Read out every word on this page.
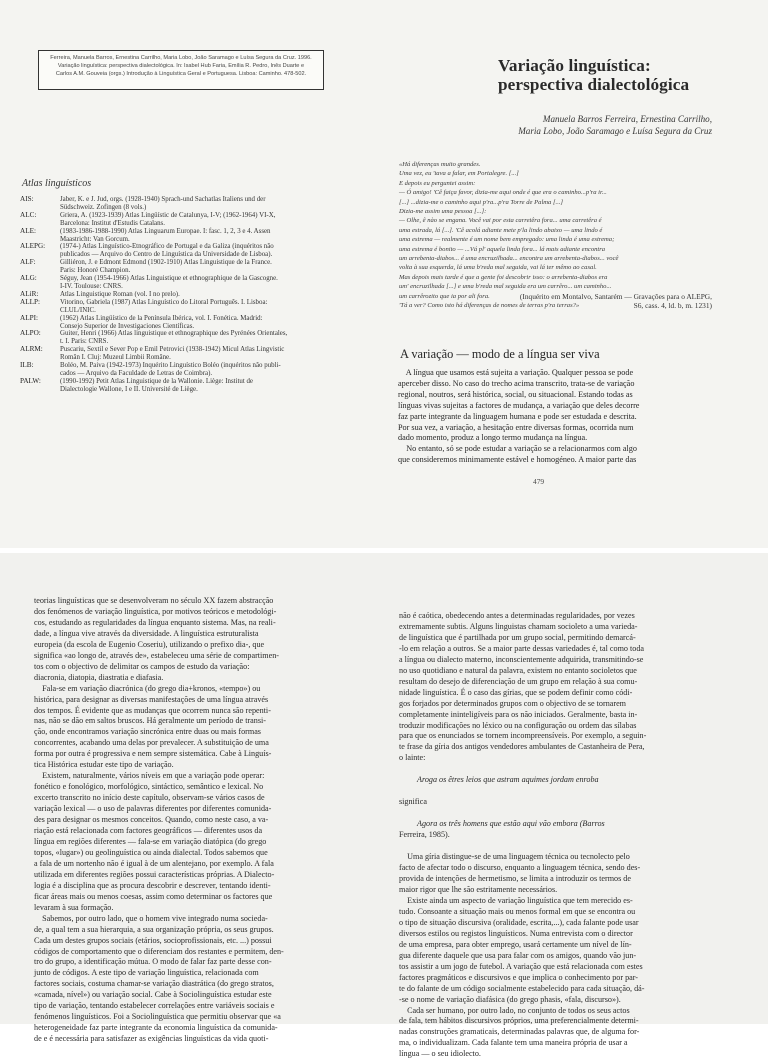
Ferreira, Manuela Barros, Ernestina Carrilho, Maria Lobo, João Saramago e Luísa Segura da Cruz. 1996.
Variação linguística: perspectiva dialectológica. In: Isabel Hub Faria, Emília R. Pedro, Inês Duarte e
Carlos A.M. Gouveia (orgs.) Introdução à Linguística Geral e Portuguesa. Lisboa: Caminho. 478-502.
Atlas linguísticos
AIS:	Jaber, K. e J. Jud, orgs. (1928-1940) Sprach-und Sachatlas Italiens und der
Südschweiz. Zofingen (8 vols.)
ALC:	Griera, A. (1923-1939) Atlas Lingüístic de Catalunya, I-V; (1962-1964) VI-X,
Barcelona: Institut d'Estudis Catalans.
ALE:	(1983-1986-1988-1990) Atlas Linguarum Europae. I: fasc. 1, 2, 3 e 4. Assen
Maastricht: Van Gorcum.
ALEPG:	(1974-) Atlas Linguístico-Etnográfico de Portugal e da Galiza (inquéritos não
publicados — Arquivo do Centro de Linguística da Universidade de Lisboa).
ALF:	Gilliéron, J. e Edmont Edmond (1902-1910) Atlas Linguistique de la France.
Paris: Honoré Champion.
ALG:	Séguy, Jean (1954-1966) Atlas Linguistique et ethnographique de la Gascogne.
I-IV. Toulouse: CNRS.
ALiR:	Atlas Linguistique Roman (vol. I no prelo).
ALLP:	Vitorino, Gabriela (1987) Atlas Linguístico do Litoral Português. I. Lisboa:
CLUL/INIC.
ALPI:	(1962) Atlas Lingüístico de la Península Ibérica, vol. I. Fonética. Madrid:
Consejo Superior de Investigaciones Científicas.
ALPO:	Guiter, Henri (1966) Atlas linguistique et ethnographique des Pyrénées Orientales,
t. I. Paris: CNRS.
ALRM:	Puscariu, Sextil e Sever Pop e Emil Petrovici (1938-1942) Micul Atlas Lingvistic
Român I. Cluj: Muzeul Limbii Române.
ILB:	Boléo, M. Paiva (1942-1973) Inquérito Linguístico Boléo (inquéritos não publi-
cados — Arquivo da Faculdade de Letras de Coimbra).
PALW:	(1990-1992) Petit Atlas Linguistique de la Wallonie. Liège: Institut de
Dialectologie Wallone, I e II. Université de Liège.
Variação linguística:
perspectiva dialectológica
Manuela Barros Ferreira, Ernestina Carrilho,
Maria Lobo, João Saramago e Luísa Segura da Cruz
«Há diferenças muito grandes.
Uma vez, eu 'tava a falar, em Portalegre. [...]
E depois eu perguntei assim:
— Ó amigo! 'Cê faiça favor, dizia-me aqui onde é que era o caminho...p'ra ir...
[...] ...dizia-me o caminho aqui p'ra...p'ra Torre de Palma [...]
Dizia-me assim uma pessoa [...]:
— Olhe, ê nào se engana. Você vai por esta carretêra fora... uma carretêra é
uma estrada, lá [...]. 'Cê acolá adiante mete p'la lindo abaixo — uma lindo é
uma estrema — realmente é um nome bem empregado: uma linda é uma estrema;
uma estrema é bonito — ...Vá pl' aquela linda fora... lá mais adiante encontra
um arrebenta-diabos... é uma encruzilhada... encontra um arrebenta-diabos... você
volta à sua esquerda, lá uma b'reda mal seguida, vai lá ter mêmo ao casal.
Mas depois mais tarde é que a gente foi descobrir isso: o arrebenta-diabos era
um' encruzilhada [...] e uma b'reda mal seguida era um carrêro... um caminho...
um carrêrozito que ia por ali fora.
'Tá a ver? Como isto há diferenças de nomes de terras p'ra terras?»
(Inquérito em Montalvo, Santarém — Gravações para o ALEPG,
S6, cass. 4, ld. b, m. 1231)
A variação — modo de a língua ser viva
A língua que usamos está sujeita a variação. Qualquer pessoa se pode
aperceber disso. No caso do trecho acima transcrito, trata-se de variação
regional, noutros, será histórica, social, ou situacional. Estando todas as
línguas vivas sujeitas a factores de mudança, a variação que deles decorre
faz parte integrante da linguagem humana e pode ser estudada e descrita.
Por sua vez, a variação, a hesitação entre diversas formas, ocorrida num
dado momento, produz a longo termo mudança na língua.
No entanto, só se pode estudar a variação se a relacionarmos com algo
que consideremos minimamente estável e homogéneo. A maior parte das
479
teorias linguísticas que se desenvolveram no século XX fazem abstracção
dos fenómenos de variação linguística, por motivos teóricos e metodológi-
cos, estudando as regularidades da língua enquanto sistema. Mas, na reali-
dade, a língua vive através da diversidade. A linguística estruturalista
europeia (da escola de Eugenio Coseriu), utilizando o prefixo dia-, que
significa «ao longo de, através de», estabeleceu uma série de compartimen-
tos com o objectivo de delimitar os campos de estudo da variação:
diacronia, diatopia, diastratia e diafasia.
Fala-se em variação diacrónica (do grego dia+kronos, «tempo») ou
histórica, para designar as diversas manifestações de uma língua através
dos tempos. É evidente que as mudanças que ocorrem nunca são repenti-
nas, não se dão em saltos bruscos. Há geralmente um período de transi-
ção, onde encontramos variação sincrónica entre duas ou mais formas
concorrentes, acabando uma delas por prevalecer. A substituição de uma
forma por outra é progressiva e nem sempre sistemática. Cabe à Linguís-
tica Histórica estudar este tipo de variação.
Existem, naturalmente, vários níveis em que a variação pode operar:
fonético e fonológico, morfológico, sintáctico, semântico e lexical. No
excerto transcrito no início deste capítulo, observam-se vários casos de
variação lexical — o uso de palavras diferentes por diferentes comunida-
des para designar os mesmos conceitos. Quando, como neste caso, a va-
riação está relacionada com factores geográficos — diferentes usos da
língua em regiões diferentes — fala-se em variação diatópica (do grego
topos, «lugar») ou geolinguística ou ainda dialectal. Todos sabemos que
a fala de um nortenho não é igual à de um alentejano, por exemplo. A fala
utilizada em diferentes regiões possui características próprias. A Dialecto-
logia é a disciplina que as procura descobrir e descrever, tentando identi-
ficar áreas mais ou menos coesas, assim como determinar os factores que
levaram à sua formação.
Sabemos, por outro lado, que o homem vive integrado numa socieda-
de, a qual tem a sua hierarquia, a sua organização própria, os seus grupos.
Cada um destes grupos sociais (etários, socioprofissionais, etc. ...) possui
códigos de comportamento que o diferenciam dos restantes e permitem, den-
tro do grupo, a identificação mútua. O modo de falar faz parte desse con-
junto de códigos. A este tipo de variação linguística, relacionada com
factores sociais, costuma chamar-se variação diastrática (do grego stratos,
«camada, nível») ou variação social. Cabe à Sociolinguística estudar este
tipo de variação, tentando estabelecer correlações entre variáveis sociais e
fenómenos linguísticos. Foi a Sociolinguística que permitiu observar que «a
heterogeneidade faz parte integrante da economia linguística da comunida-
de e é necessária para satisfazer as exigências linguísticas da vida quoti-
não é caótica, obedecendo antes a determinadas regularidades, por vezes
extremamente subtis. Alguns linguistas chamam socioleto a uma varieda-
de linguística que é partilhada por um grupo social, permitindo demarcá-
-lo em relação a outros. Se a maior parte dessas variedades é, tal como toda
a língua ou dialecto materno, inconscientemente adquirida, transmitindo-se
no uso quotidiano e natural da palavra, existem no entanto socioletos que
resultam do desejo de diferenciação de um grupo em relação à sua comu-
nidade linguística. É o caso das gírias, que se podem definir como códi-
gos forjados por determinados grupos com o objectivo de se tornarem
completamente ininteligíveis para os não iniciados. Geralmente, basta in-
troduzir modificações no léxico ou na configuração ou ordem das sílabas
para que os enunciados se tornem incompreensíveis. Por exemplo, a seguin-
te frase da gíria dos antigos vendedores ambulantes de Castanheira de Pera,
o lainte:
Aroga os êtres leios que astram aquimes jordam enroba
significa
Agora os três homens que estão aqui vão embora (Barros
Ferreira, 1985).
Uma gíria distingue-se de uma linguagem técnica ou tecnolecto pelo
facto de afectar todo o discurso, enquanto a linguagem técnica, sendo des-
provida de intenções de hermetismo, se limita a introduzir os termos de
maior rigor que lhe são estritamente necessários.
Existe ainda um aspecto de variação linguística que tem merecido es-
tudo. Consoante a situação mais ou menos formal em que se encontra ou
o tipo de situação discursiva (oralidade, escrita,...), cada falante pode usar
diversos estilos ou registos linguísticos. Numa entrevista com o director
de uma empresa, para obter emprego, usará certamente um nível de lín-
gua diferente daquele que usa para falar com os amigos, quando vão jun-
tos assistir a um jogo de futebol. A variação que está relacionada com estes
factores pragmáticos e discursivos e que implica o conhecimento por par-
te do falante de um código socialmente estabelecido para cada situação, dá-
-se o nome de variação diafásica (do grego phasis, «fala, discurso»).
Cada ser humano, por outro lado, no conjunto de todos os seus actos
de fala, tem hábitos discursivos próprios, uma preferencialmente determi-
nadas construções gramaticais, determinadas palavras que, de alguma for-
ma, o individualizam. Cada falante tem uma maneira própria de usar a
língua — o seu idiolecto.
